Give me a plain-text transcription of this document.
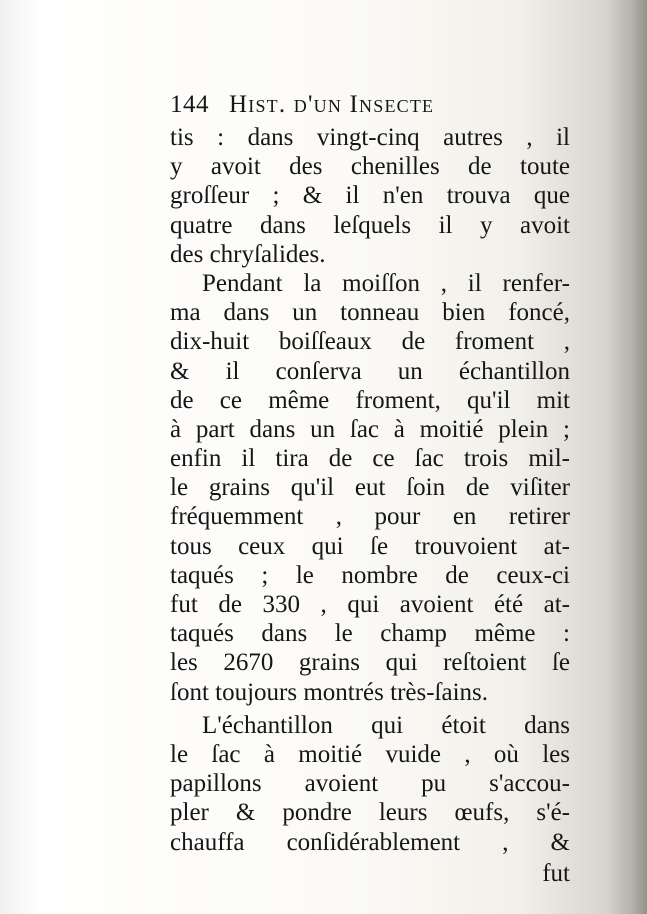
144 Hist. d'un Insecte
tis : dans vingt-cinq autres , il
y avoit des chenilles de toute
groſſeur ; & il n'en trouva que
quatre dans leſquels il y avoit
des chryſalides.
Pendant la moiſſon , il renfer-
ma dans un tonneau bien foncé,
dix-huit boiſſeaux de froment ,
& il conſerva un échantillon
de ce même froment, qu'il mit
à part dans un ſac à moitié plein ;
enfin il tira de ce ſac trois mil-
le grains qu'il eut ſoin de viſiter
fréquemment , pour en retirer
tous ceux qui ſe trouvoient at-
taqués ; le nombre de ceux-ci
fut de 330 , qui avoient été at-
taqués dans le champ même :
les 2670 grains qui reſtoient ſe
ſont toujours montrés très-ſains.
L'échantillon qui étoit dans
le ſac à moitié vuide , où les
papillons avoient pu s'accou-
pler & pondre leurs œufs, s'é-
chauffa conſidérablement , &
fut
